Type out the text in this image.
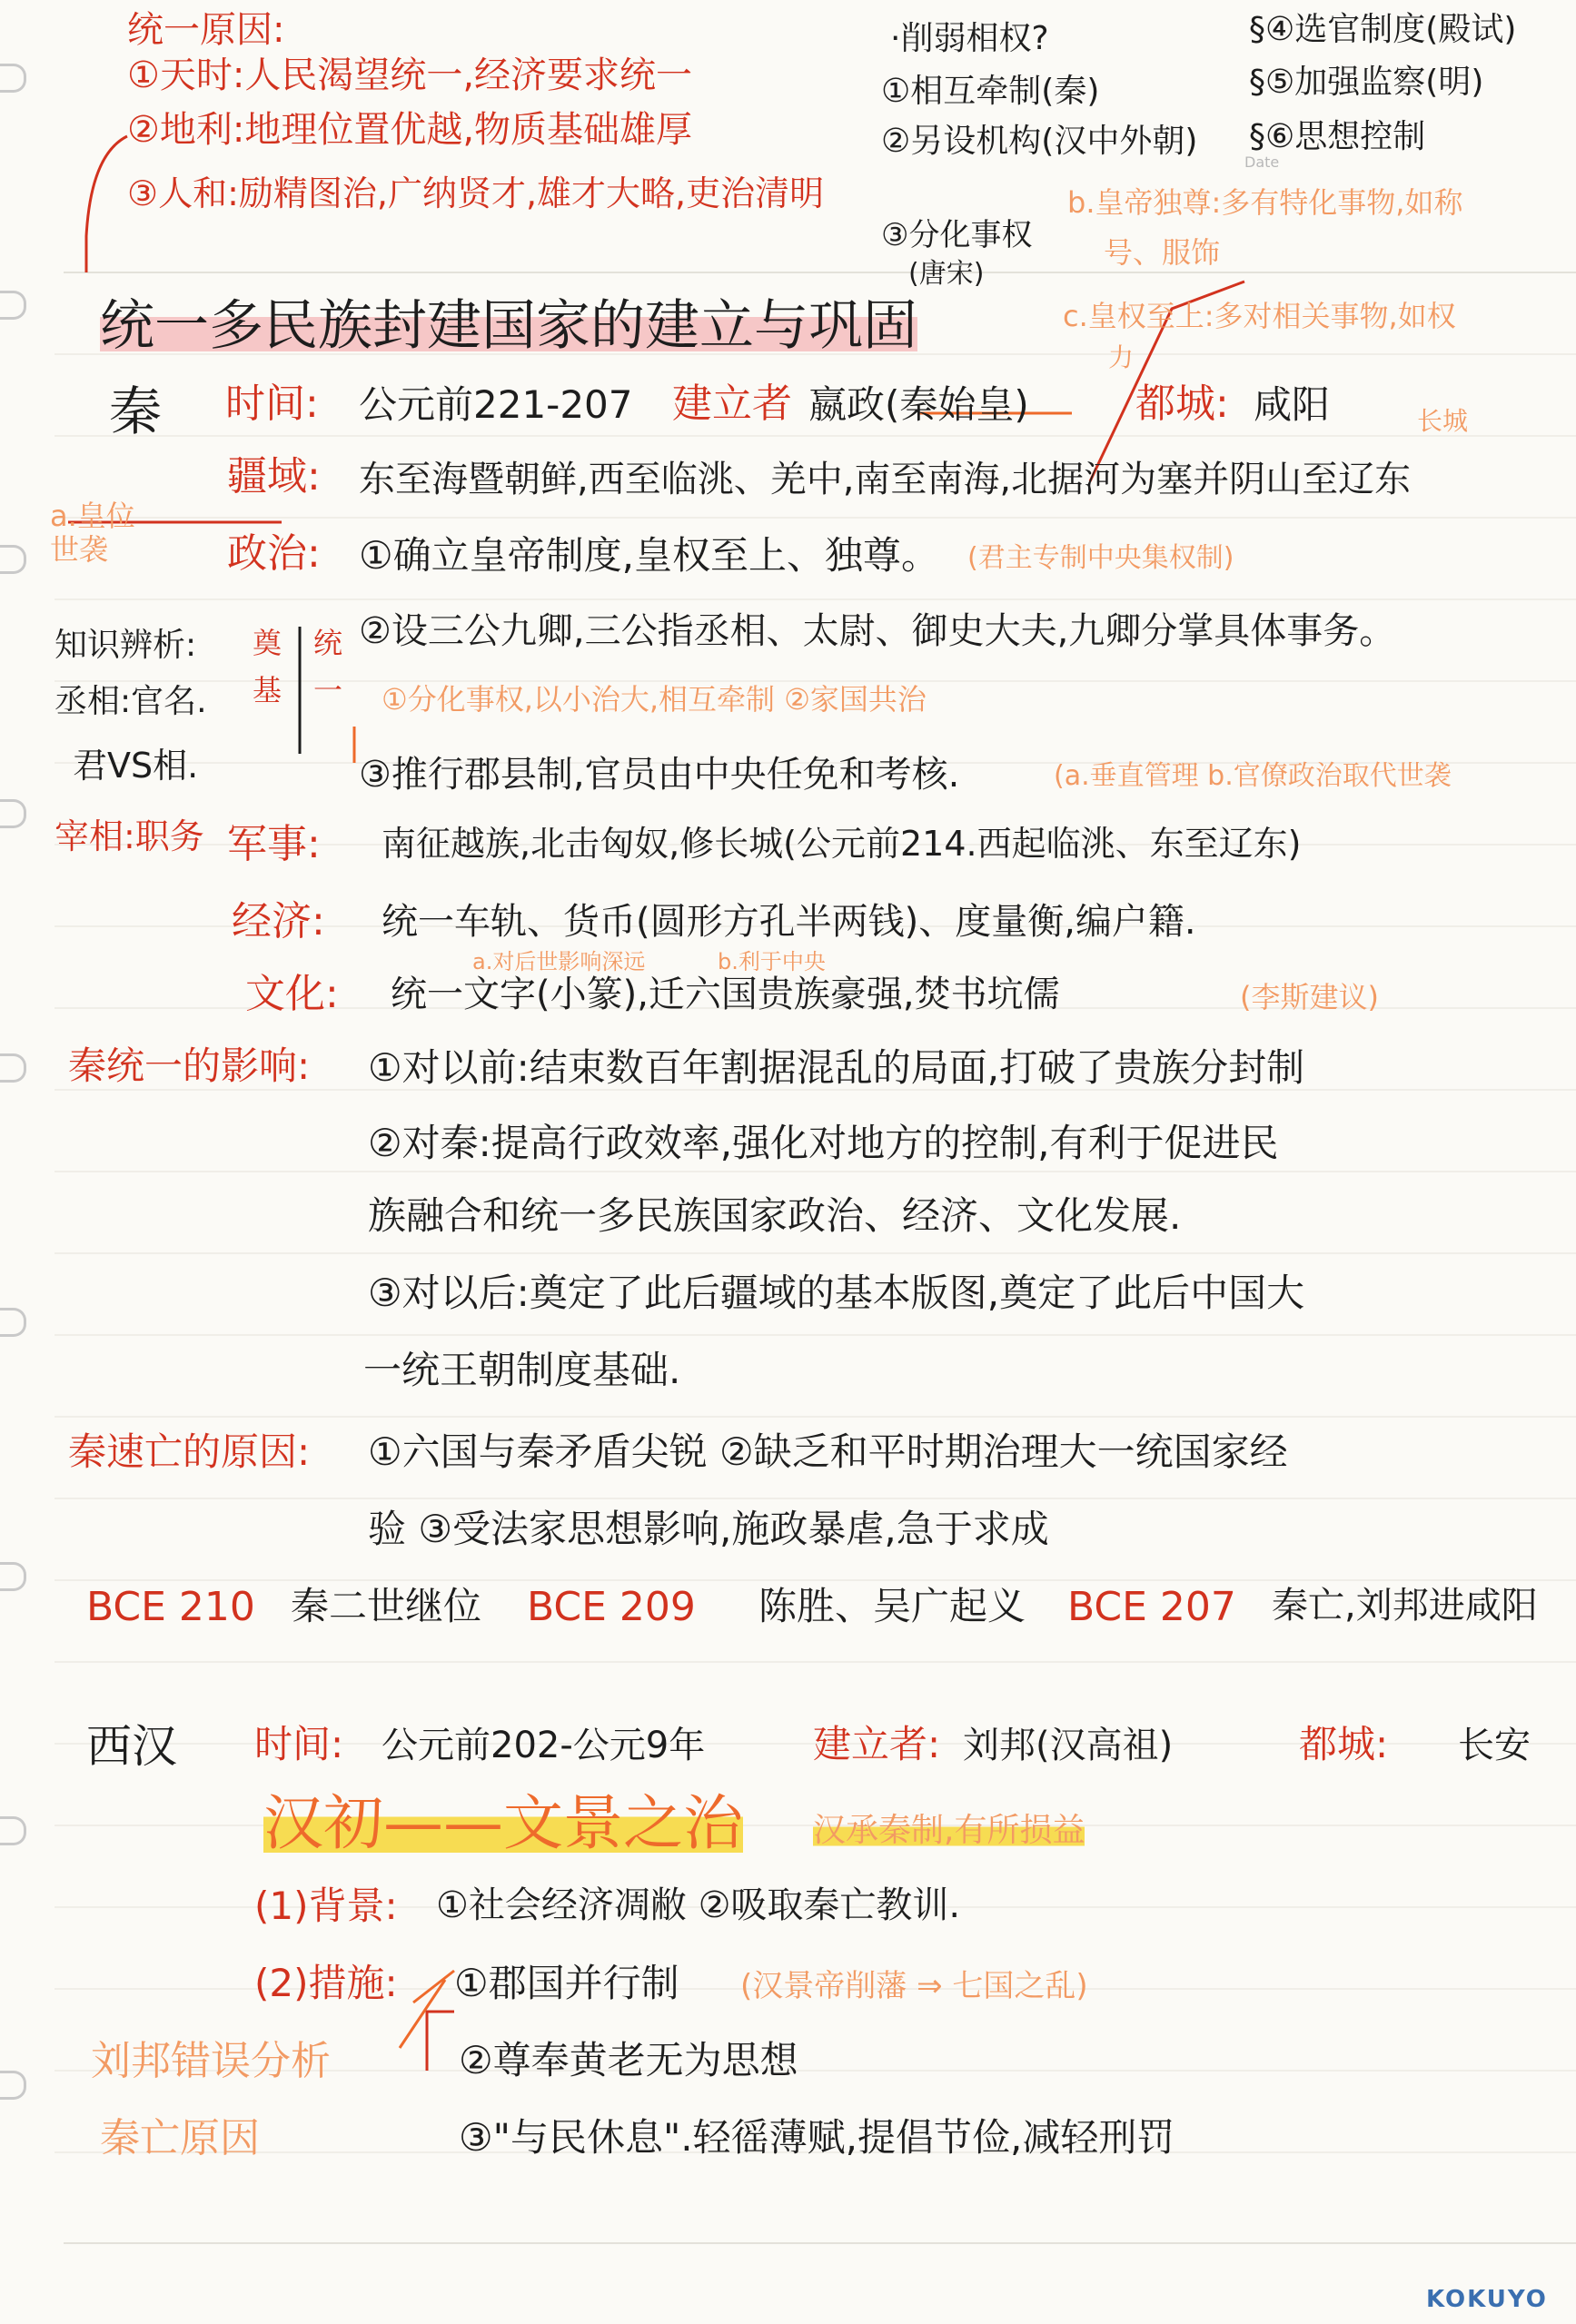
统一原因:
①天时:人民渴望统一,经济要求统一
②地利:地理位置优越,物质基础雄厚
③人和:励精图治,广纳贤才,雄才大略,吏治清明
·削弱相权?
①相互牵制(秦)
②另设机构(汉中外朝)
③分化事权
(唐宋)
b.皇帝独尊:多有特化事物,如称
号、服饰
c.皇权至上:多对相关事物,如权
力
§④选官制度(殿试)
§⑤加强监察(明)
§⑥思想控制
Date
统一多民族封建国家的建立与巩固
秦 时间: 公元前221-207 建立者 嬴政(秦始皇)	都城: 咸阳	长城
疆域: 东至海暨朝鲜,西至临洮、羌中,南至南海,北据河为塞并阴山至辽东
a.皇位世袭	政治: ①确立皇帝制度,皇权至上、独尊。 (君主专制中央集权制)
②设三公九卿,三公指丞相、太尉、御史大夫,九卿分掌具体事务。
知识辨析:
丞相:官名.
君VS相.
奠
基
统
一 ①分化事权,以小治大,相互牵制 ②家国共治
③推行郡县制,官员由中央任免和考核.	(a.垂直管理 b.官僚政治取代世袭
宰相:职务 军事: 南征越族,北击匈奴,修长城(公元前214.西起临洮、东至辽东)
经济: 统一车轨、货币(圆形方孔半两钱)、度量衡,编户籍.
a.对后世影响深远	b.利于中央
文化: 统一文字(小篆),迁六国贵族豪强,焚书坑儒	(李斯建议)
秦统一的影响: ①对以前:结束数百年割据混乱的局面,打破了贵族分封制
②对秦:提高行政效率,强化对地方的控制,有利于促进民
族融合和统一多民族国家政治、经济、文化发展.
③对以后:奠定了此后疆域的基本版图,奠定了此后中国大
一统王朝制度基础.
秦速亡的原因: ①六国与秦矛盾尖锐 ②缺乏和平时期治理大一统国家经
验 ③受法家思想影响,施政暴虐,急于求成
BCE 210 秦二世继位 BCE 209 陈胜、吴广起义 BCE 207 秦亡,刘邦进咸阳
西汉 时间: 公元前202-公元9年	建立者: 刘邦(汉高祖)	都城: 长安
汉初——文景之治 汉承秦制,有所损益
(1)背景: ①社会经济凋敝 ②吸取秦亡教训.
(2)措施: ①郡国并行制 (汉景帝削藩 ⇒ 七国之乱)
刘邦错误分析	②尊奉黄老无为思想
秦亡原因	③"与民休息".轻徭薄赋,提倡节俭,减轻刑罚
KOKUYO
